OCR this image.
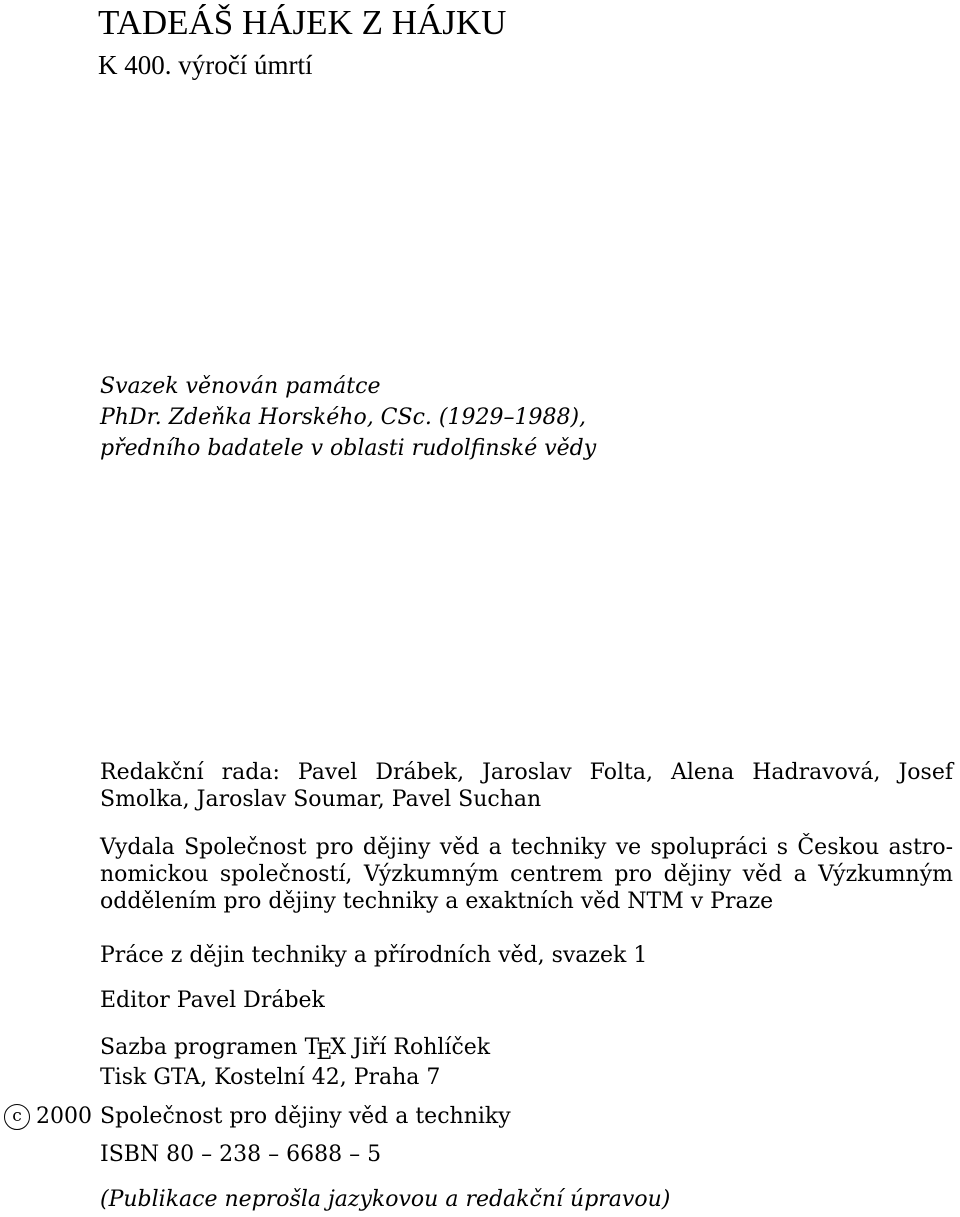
TADEÁŠ HÁJEK Z HÁJKU
K 400. výročí úmrtí
Svazek věnován památce
PhDr. Zdeňka Horského, CSc. (1929–1988),
předního badatele v oblasti rudolfinské vědy
Redakční rada: Pavel Drábek, Jaroslav Folta, Alena Hadravová, Josef Smolka, Jaroslav Soumar, Pavel Suchan
Vydala Společnost pro dějiny věd a techniky ve spolupráci s Českou astronomickou společností, Výzkumným centrem pro dějiny věd a Výzkumným oddělením pro dějiny techniky a exaktních věd NTM v Praze
Práce z dějin techniky a přírodních věd, svazek 1
Editor Pavel Drábek
Sazba programen TEX Jiří Rohlíček
Tisk GTA, Kostelní 42, Praha 7
c 2000 Společnost pro dějiny věd a techniky
ISBN 80 – 238 – 6688 – 5
(Publikace neprošla jazykovou a redakční úpravou)
